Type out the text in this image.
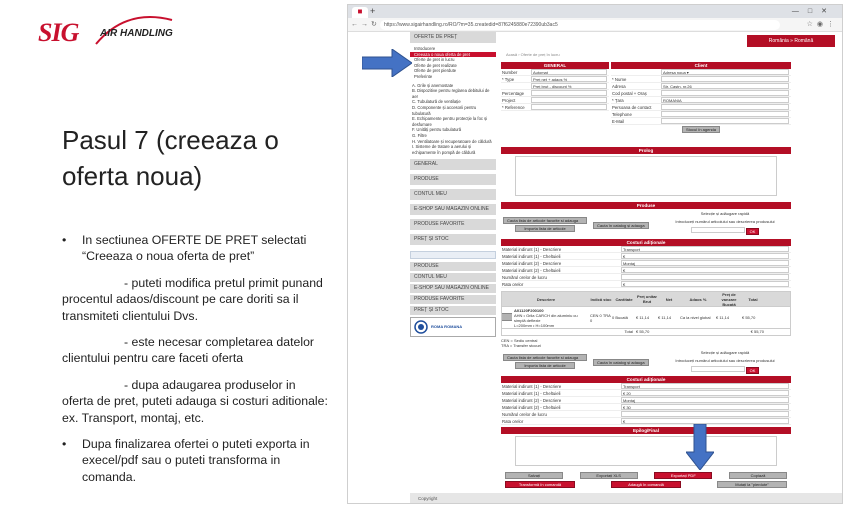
SIG AIR HANDLING
Pasul 7 (creeaza o oferta noua)
• In sectiunea OFERTE DE PRET selectati “Creeaza o noua oferta de pret”
- puteti modifica pretul primit punand procentul adaos/discount pe care doriti sa il transmiteti clientului Dvs.
- este necesar completarea datelor clientului pentru care faceti oferta
- dupa adaugarea produselor in oferta de pret, puteti adauga si costuri aditionale: ex. Transport, montaj, etc.
• Dupa finalizarea ofertei o puteti exporta in execel/pdf sau o puteti transforma in comanda.
◼ +	—□✕
←→↻ https://www.sigairhandling.ro/RO/?m=35.createdid=87f6245880e72390ub3ac5	☆◉⋮
OFERTE DE PREȚ
Introducere
Creeaza o noua oferta de pret
Oferte de pret in lucru
Oferte de pret realizate
Oferte de pret pierdute
Preferinte
A. Grile și anemostate
B. Dispozitive pentru reglarea debitului de aer
C. Tubulatură de ventilație
D. Componente și accesorii pentru tubulatură
E. Echipamente pentru protecție la foc și desfumare
F. Unități pentru tubulatură
G. Filtre
H. Ventilatoare și recuperatoare de căldură
I. Sisteme de tratare a aerului și echipamente în pompă de căldură
GENERAL
PRODUSE
CONTUL MEU
E-SHOP SAU MAGAZIN ONLINE
PRODUSE FAVORITE
PREȚ ȘI STOC
PRODUSE
CONTUL MEU
E-SHOP SAU MAGAZIN ONLINE
PRODUSE FAVORITE
PREȚ ȘI STOC
ROMA ROMANA
România » Română
Acasă › Oferte de preț în lucru
GENERAL
Number	Automat
* Type	Preț net + adaos %
Preț brut - discount %
Percentage
Project
* Reference
Client
Adresa noua ▾
* Nume
Adresa	Str. Castn. nr.26
Cod postal + Oraș
* Țara	ROMANIA
Persoana de contact
Telephone
E-Mail
Stocul în agenda
Prolog
Produse
Cauta lista de articole favorite si adauga
Importa lista de articole
Cauta în catalog și adauga
Selecție și adăugare rapidă
Introduceți numărul articolului sau descrierea produsului
OK
Costuri adiționale
Material indirunt (1) - Descriere	Transport
Material indirunt (1) - Cheltuieli	€
Material indirunt (2) - Descriere	Montaj
Material indirunt (2) - Cheltuieli	€
Numărul orelor de lucru
Rata orelor	€
Descriere	Indică stoc Cantitate	Preț unitar Brut	Net	Adaos %
Preț de vanzare Bucată
Total
A01120F200100
AHN • Grila CARCH din aluminiu cu simplă deflexie
L=200mm • H=100mm
CEN 0 TRA 0	0 Bucată	€ 11,14	€ 11,14	Ca la nivel global	€ 11,14	€ 55,70
Total € 55,70	€ 55,70
CEN = Sediu central
TRA = Transfer stocuri
Cauta lista de articole favorite si adauga
Importa lista de articole
Cauta în catalog și adauga
Selecție și adăugare rapidă
Introduceți numărul articolului sau descrierea produsului
OK
Costuri adiționale
Material indirunt (1) - Descriere	Transport
Material indirunt (1) - Cheltuieli	€ 20
Material indirunt (2) - Descriere	Montaj
Material indirunt (2) - Cheltuieli	€ 30
Numărul orelor de lucru
Rata orelor	€
Epilog/Final
Salvați	Exportați XLS	Exportați PDF	Copiază
Transformă în comandă	Adaugă în comandă	Mutați la "pierdute"
Copyright
